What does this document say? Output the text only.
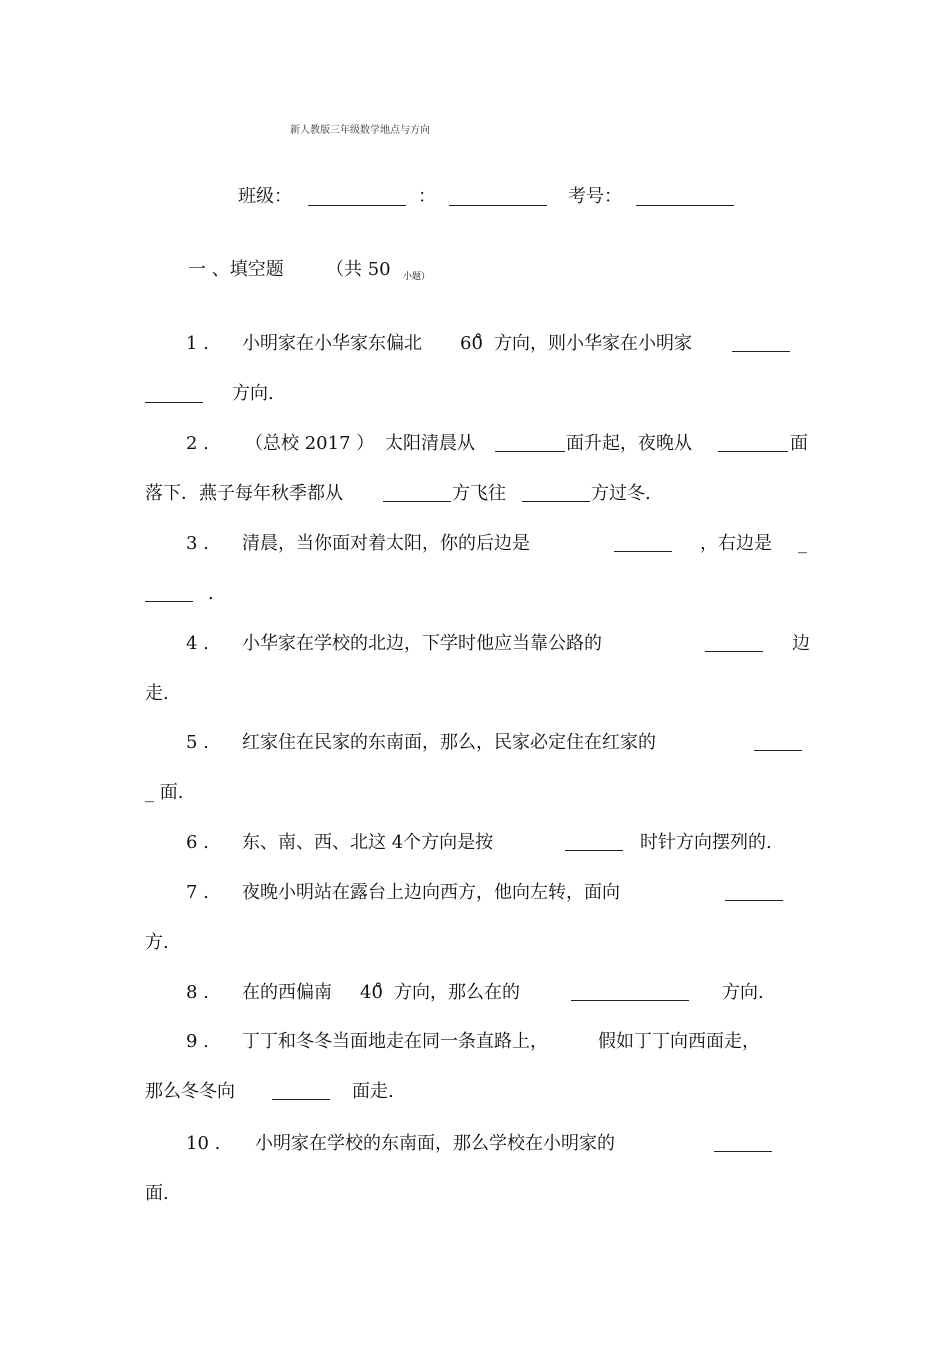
新人教版三年级数学地点与方向
班级：	：	考号：
一 、填空题 （共 50 小题）
1 . 小明家在小华家东偏北 60̊ 方向，则小华家在小明家
方向.
2 . （总校 2017 ） 太阳清晨从	面升起，夜晚从	面
落下．燕子每年秋季都从	方飞往	方过冬.
3 . 清晨，当你面对着太阳，你的后边是	，右边是 _
.
4 . 小华家在学校的北边，下学时他应当靠公路的	边
走.
5 . 红家住在民家的东南面，那么，民家必定住在红家的
_ 面.
6 . 东、南、西、北这 4个方向是按	时针方向摆列的.
7 . 夜晚小明站在露台上边向西方，他向左转，面向
方.
8 . 在的西偏南 40̊ 方向，那么在的	方向.
9 . 丁丁和冬冬当面地走在同一条直路上，	假如丁丁向西面走，
那么冬冬向	面走.
10 . 小明家在学校的东南面，那么学校在小明家的
面.
